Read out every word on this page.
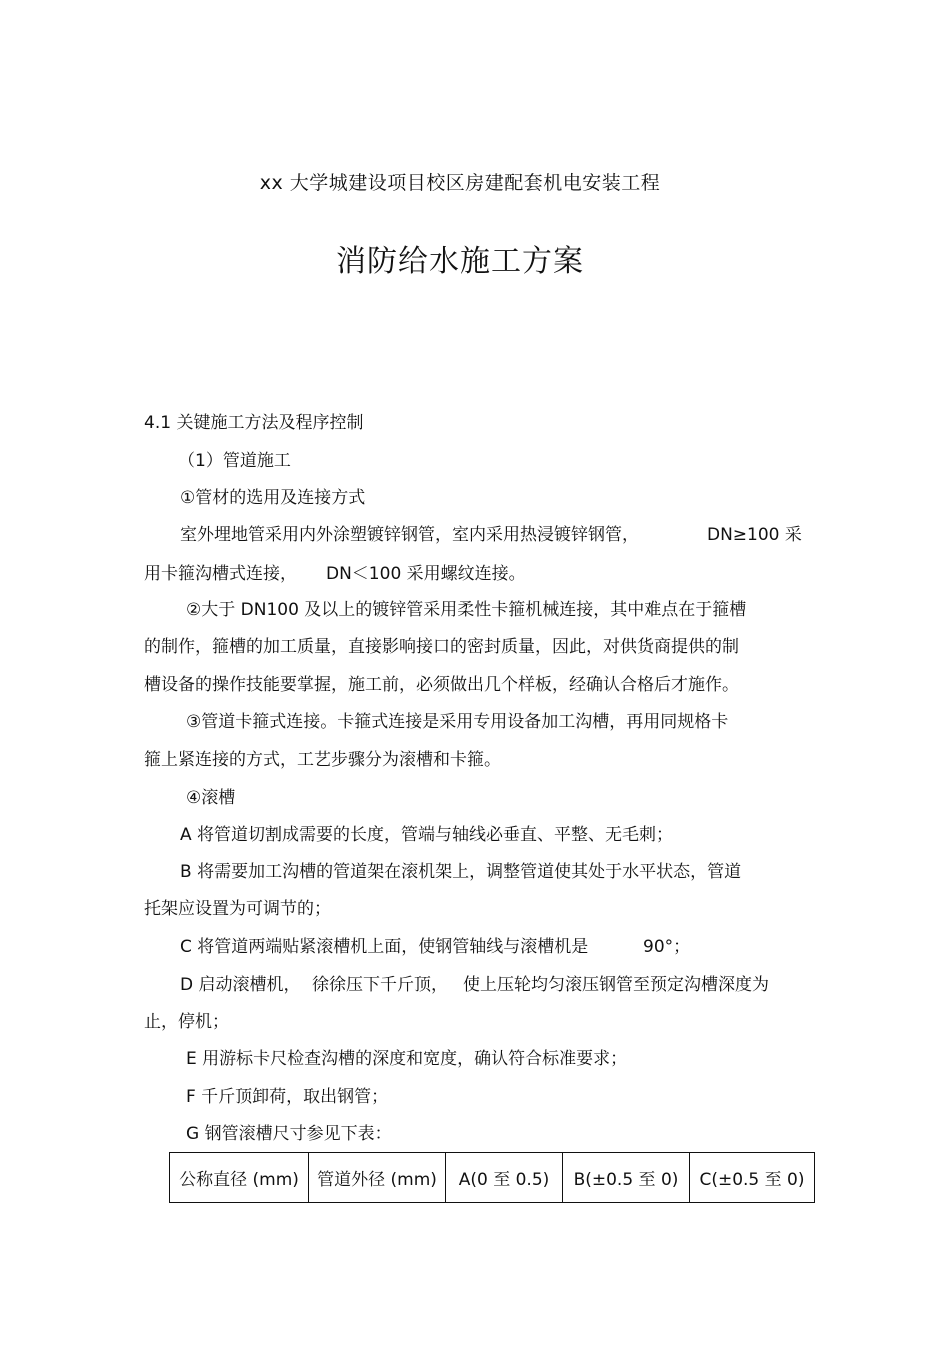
xx 大学城建设项目校区房建配套机电安装工程
消防给水施工方案
4.1 关键施工方法及程序控制
（1）管道施工
①管材的选用及连接方式
室外埋地管采用内外涂塑镀锌钢管，室内采用热浸镀锌钢管，	DN≥100 采
用卡箍沟槽式连接， DN＜100 采用螺纹连接。
②大于 DN100 及以上的镀锌管采用柔性卡箍机械连接，其中难点在于箍槽
的制作，箍槽的加工质量，直接影响接口的密封质量，因此，对供货商提供的制
槽设备的操作技能要掌握，施工前，必须做出几个样板，经确认合格后才施作。
③管道卡箍式连接。卡箍式连接是采用专用设备加工沟槽，再用同规格卡
箍上紧连接的方式，工艺步骤分为滚槽和卡箍。
④滚槽
A 将管道切割成需要的长度，管端与轴线必垂直、平整、无毛刺；
B 将需要加工沟槽的管道架在滚机架上，调整管道使其处于水平状态，管道
托架应设置为可调节的；
C 将管道两端贴紧滚槽机上面，使钢管轴线与滚槽机是	90°；
D 启动滚槽机， 徐徐压下千斤顶， 使上压轮均匀滚压钢管至预定沟槽深度为
止，停机；
E 用游标卡尺检查沟槽的深度和宽度，确认符合标准要求；
F 千斤顶卸荷，取出钢管；
G 钢管滚槽尺寸参见下表：
公称直径 (mm)	管道外径 (mm)	A(0 至 0.5)	B(±0.5 至 0)	C(±0.5 至 0)
